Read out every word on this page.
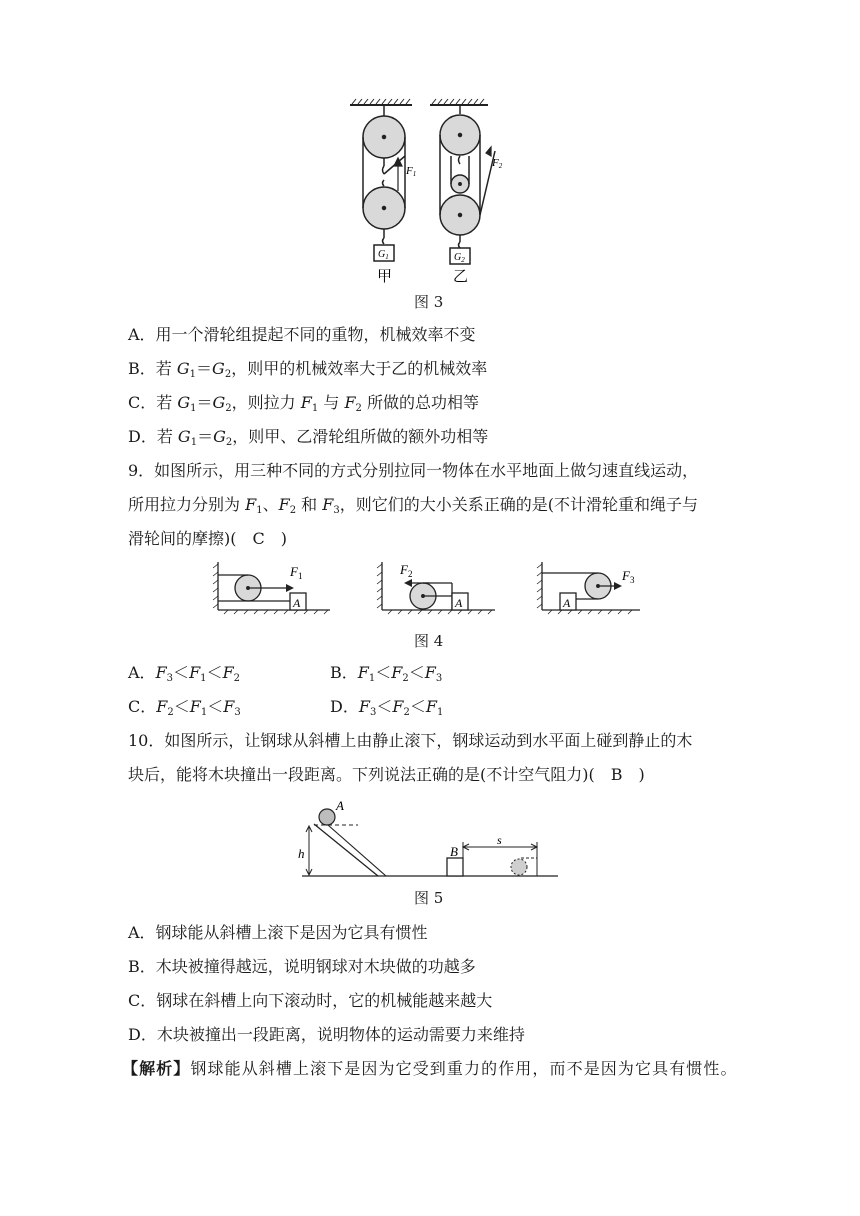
F1
$G_1$
F2
$G_2$
甲	乙
图 3
A．用一个滑轮组提起不同的重物，机械效率不变
B．若 $G_1=G_2$，则甲的机械效率大于乙的机械效率
C．若 $G_1=G_2$，则拉力 $F_1$ 与 $F_2$ 所做的总功相等
D．若 $G_1=G_2$，则甲、乙滑轮组所做的额外功相等
9．如图所示，用三种不同的方式分别拉同一物体在水平地面上做匀速直线运动，
所用拉力分别为 $F_1$、$F_2$ 和 $F_3$，则它们的大小关系正确的是(不计滑轮重和绳子与
滑轮间的摩擦)(　C　)
$F_1$
A
$F_2$
A
$F_3$
A
图 4
A．$F_3<F_1<F_2$	B．$F_1<F_2<F_3$
C．$F_2<F_1<F_3$	D．$F_3<F_2<F_1$
10．如图所示，让钢球从斜槽上由静止滚下，钢球运动到水平面上碰到静止的木
块后，能将木块撞出一段距离。下列说法正确的是(不计空气阻力)(　B　)
A
B
h
s
图 5
A．钢球能从斜槽上滚下是因为它具有惯性
B．木块被撞得越远，说明钢球对木块做的功越多
C．钢球在斜槽上向下滚动时，它的机械能越来越大
D．木块被撞出一段距离，说明物体的运动需要力来维持
【解析】钢球能从斜槽上滚下是因为它受到重力的作用，而不是因为它具有惯性。
